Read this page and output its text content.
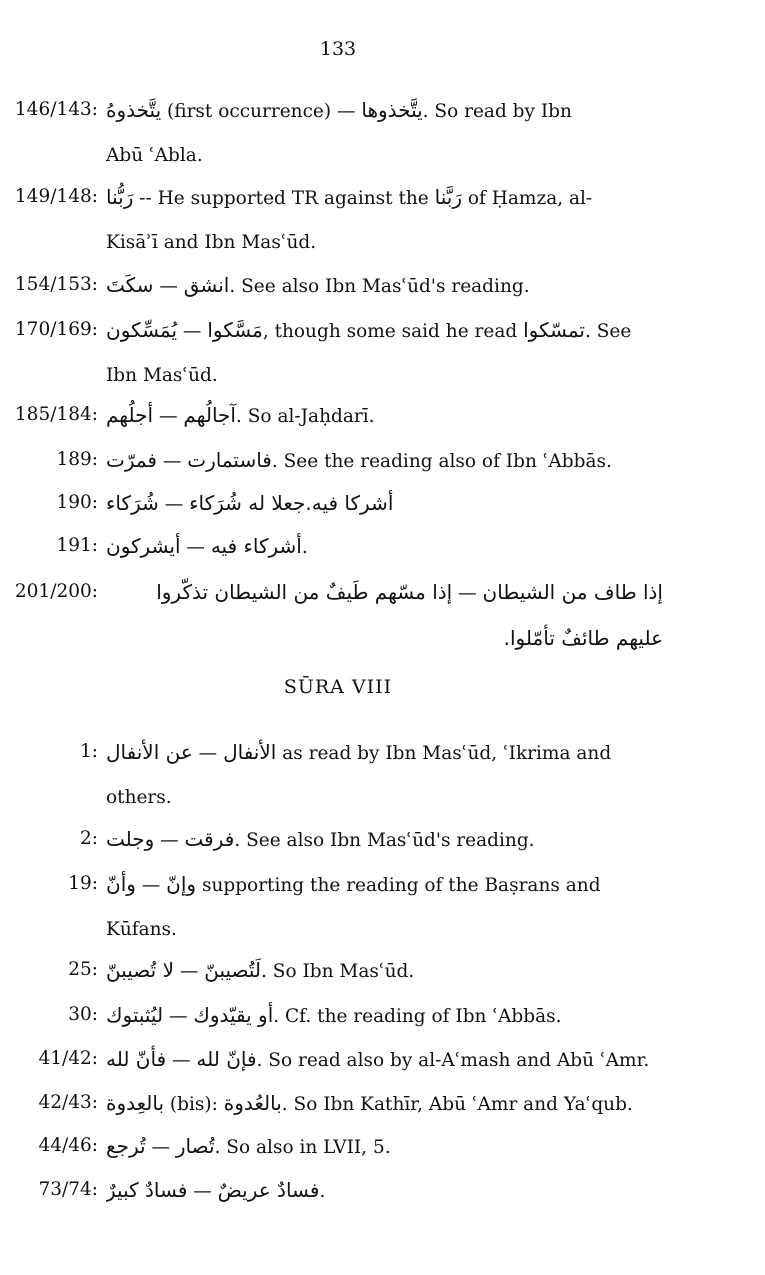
133
146/143: يتَّخذوهُ (first occurrence) — يتَّخذوها. So read by Ibn
Abū ʿAbla.
149/148: رَبُّنا -- He supported TR against the رَبَّنا of Ḥamza, al-
Kisāʾī and Ibn Masʿūd.
154/153: سكَتَ — انشق. See also Ibn Masʿūd's reading.
170/169: يُمَسِّكون — مَسَّكوا, though some said he read تمسّكوا. See
Ibn Masʿūd.
185/184: أجلُهم — آجالُهم. So al-Jaḥdarī.
189: فمرّت — فاستمارت. See the reading also of Ibn ʿAbbās.
190: شُرَكاء — جعلا له شُرَكاءأشركا فيه.
191: أيشركون — أشركاء فيه.
201/200:	إذا مسّهم طَيفٌ من الشيطان تذكّروا — إذا طاف من الشيطان
عليهم طائفٌ تأمّلوا.
SŪRA VIII
1: عن الأنفال — الأنفال as read by Ibn Masʿūd, ʿIkrima and
others.
2: وجلت — فرقت. See also Ibn Masʿūd's reading.
19: وأنّ — وإنّ supporting the reading of the Baṣrans and
Kūfans.
25: لا تُصيبنّ — لَتُصيبنّ. So Ibn Masʿūd.
30: ليُثبتوك — أو يقيّدوك. Cf. the reading of Ibn ʿAbbās.
41/42: فأنّ لله — فإنّ لله. So read also by al-Aʿmash and Abū ʿAmr.
42/43: بالعِدوة (bis): بالعُدوة. So Ibn Kathīr, Abū ʿAmr and Yaʿqub.
44/46: تُرجع — تُصار. So also in LVII, 5.
73/74: فسادٌ كبيرٌ — فسادٌ عريضٌ.
